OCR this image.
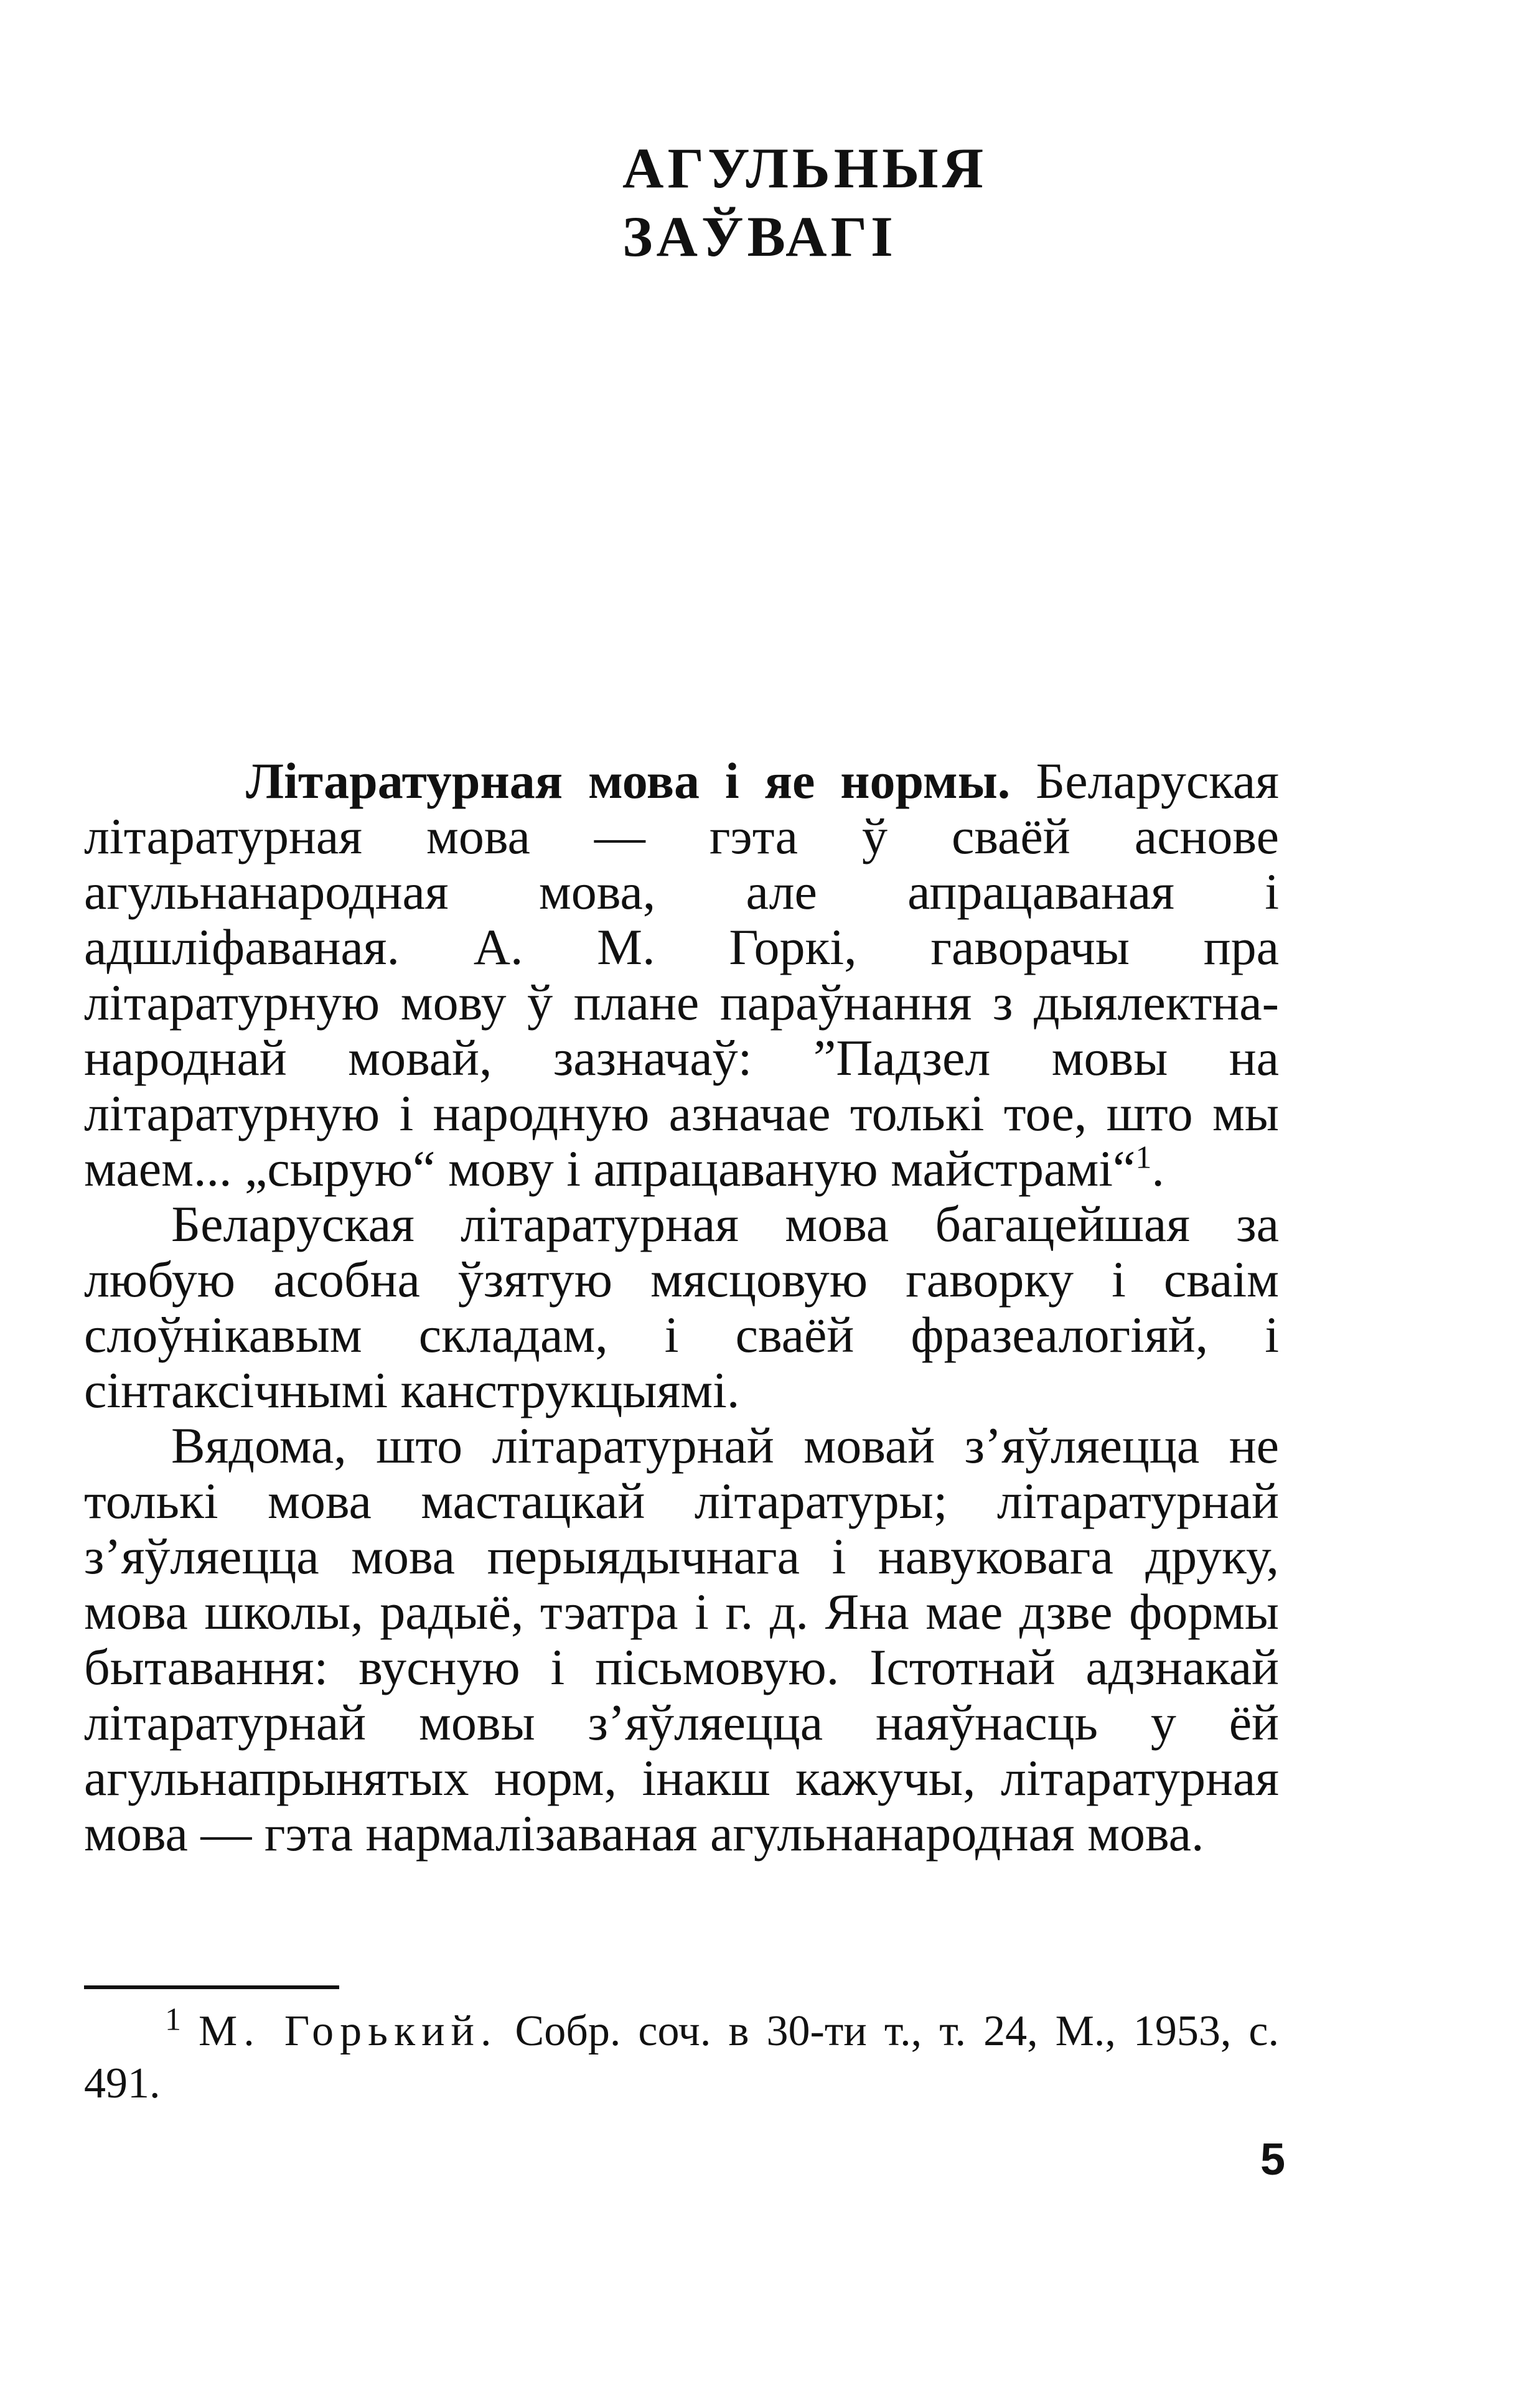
АГУЛЬНЫЯ ЗАЎВАГІ

Літаратурная мова і яе нормы. Беларуская літаратурная мова — гэта ў сваёй аснове агульнанародная мова, але апрацаваная і адшліфаваная. А. М. Горкі, гаворачы пра літаратурную мову ў плане параўнання з дыялектна-народнай мовай, зазначаў: ”Падзел мовы на літаратурную і народную азначае толькі тое, што мы маем... „сырую“ мову і апрацаваную майстрамі“$^1$.

Беларуская літаратурная мова багацейшая за любую асобна ўзятую мясцовую гаворку і сваім слоўнікавым складам, і сваёй фразеалогіяй, і сінтаксічнымі канструкцыямі.

Вядома, што літаратурнай мовай з’яўляецца не толькі мова мастацкай літаратуры; літаратурнай з’яўляецца мова перыядычнага і навуковага друку, мова школы, радыё, тэатра і г. д. Яна мае дзве формы бытавання: вусную і пісьмовую. Істотнай адзнакай літаратурнай мовы з’яўляецца наяўнасць у ёй агульнапрынятых норм, інакш кажучы, літаратурная мова — гэта нармалізаваная агульнанародная мова.

$^1$ М. Горький. Собр. соч. в 30-ти т., т. 24, М., 1953, с. 491.

5
